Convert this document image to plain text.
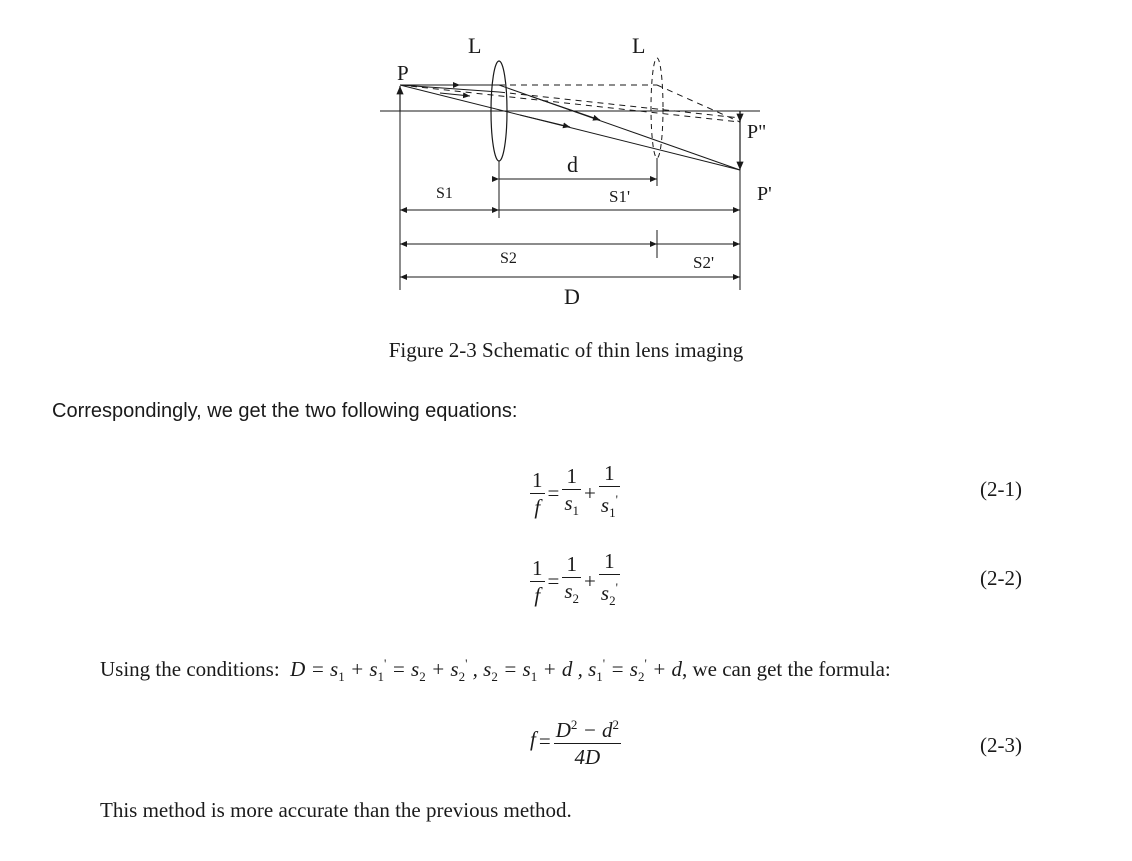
L	L
P
P"
P'
d
S1	S1'
S2	S2'
D
Figure 2-3 Schematic of thin lens imaging
Correspondingly, we get the two following equations:
$\frac{1}{f} = \frac{1}{s_1} + \frac{1}{s_1'}$	(2-1)
$\frac{1}{f} = \frac{1}{s_2} + \frac{1}{s_2'}$	(2-2)
Using the conditions:  $D = s_1 + s_1' = s_2 + s_2'$ , $s_2 = s_1 + d$ , $s_1' = s_2' + d$, we can get the formula:
$f = \frac{D^2 - d^2}{4D}$	(2-3)
This method is more accurate than the previous method.
